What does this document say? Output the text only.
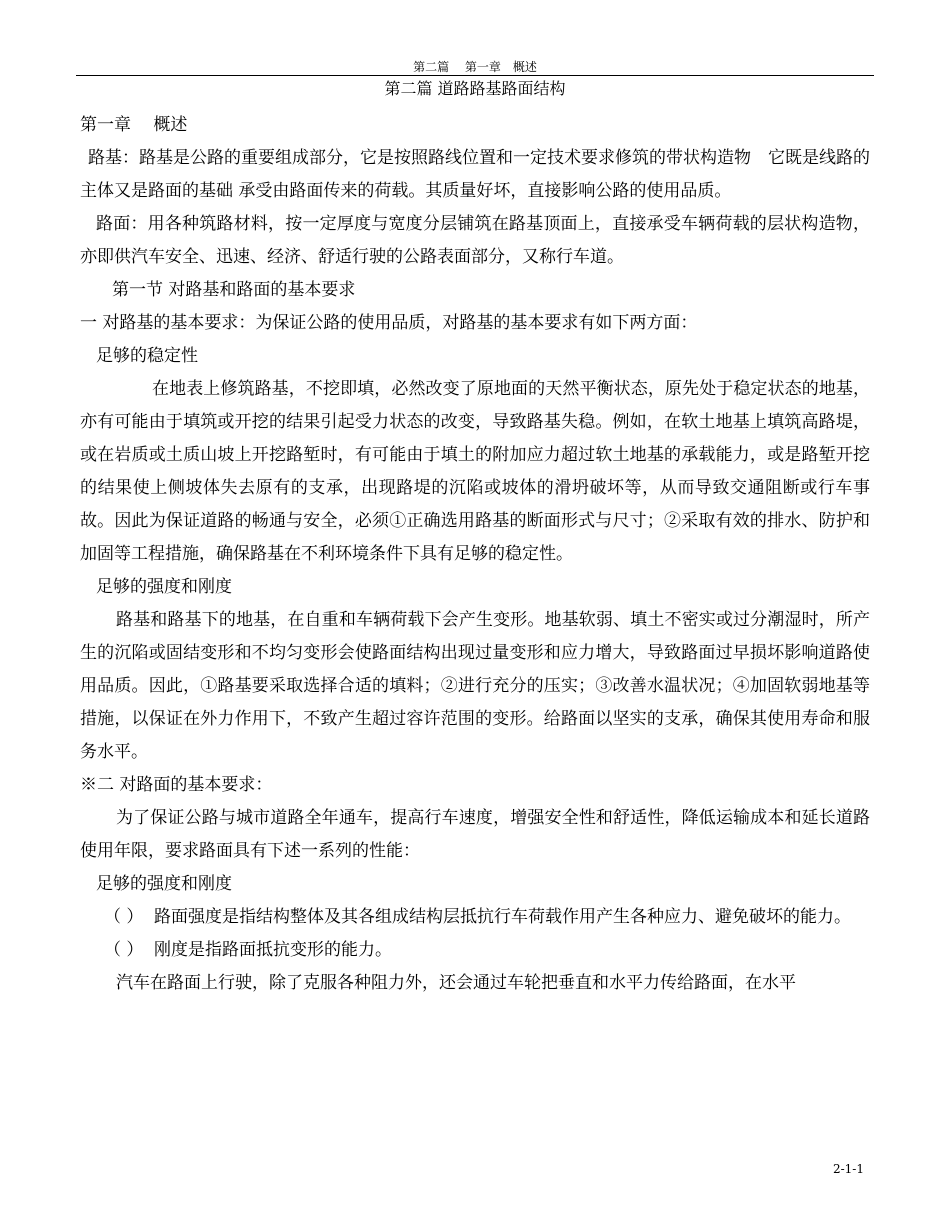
第二篇　 第一章　概述

第二篇 道路路基路面结构

第一章　 概述

路基：路基是公路的重要组成部分，它是按照路线位置和一定技术要求修筑的带状构造物　它既是线路的主体又是路面的基础 承受由路面传来的荷载。其质量好坏，直接影响公路的使用品质。

路面：用各种筑路材料，按一定厚度与宽度分层铺筑在路基顶面上，直接承受车辆荷载的层状构造物，亦即供汽车安全、迅速、经济、舒适行驶的公路表面部分，又称行车道。

第一节 对路基和路面的基本要求

一 对路基的基本要求：为保证公路的使用品质，对路基的基本要求有如下两方面：

足够的稳定性

在地表上修筑路基，不挖即填，必然改变了原地面的天然平衡状态，原先处于稳定状态的地基，亦有可能由于填筑或开挖的结果引起受力状态的改变，导致路基失稳。例如，在软土地基上填筑高路堤，或在岩质或土质山坡上开挖路堑时，有可能由于填土的附加应力超过软土地基的承载能力，或是路堑开挖的结果使上侧坡体失去原有的支承，出现路堤的沉陷或坡体的滑坍破坏等，从而导致交通阻断或行车事故。因此为保证道路的畅通与安全，必须①正确选用路基的断面形式与尺寸；②采取有效的排水、防护和加固等工程措施，确保路基在不利环境条件下具有足够的稳定性。

足够的强度和刚度

路基和路基下的地基，在自重和车辆荷载下会产生变形。地基软弱、填土不密实或过分潮湿时，所产生的沉陷或固结变形和不均匀变形会使路面结构出现过量变形和应力增大，导致路面过早损坏影响道路使用品质。因此，①路基要采取选择合适的填料；②进行充分的压实；③改善水温状况；④加固软弱地基等措施，以保证在外力作用下，不致产生超过容许范围的变形。给路面以坚实的支承，确保其使用寿命和服务水平。

※二 对路面的基本要求：

为了保证公路与城市道路全年通车，提高行车速度，增强安全性和舒适性，降低运输成本和延长道路使用年限，要求路面具有下述一系列的性能：

足够的强度和刚度

（ ） 路面强度是指结构整体及其各组成结构层抵抗行车荷载作用产生各种应力、避免破坏的能力。

（ ） 刚度是指路面抵抗变形的能力。

汽车在路面上行驶，除了克服各种阻力外，还会通过车轮把垂直和水平力传给路面，在水平

2-1-1
